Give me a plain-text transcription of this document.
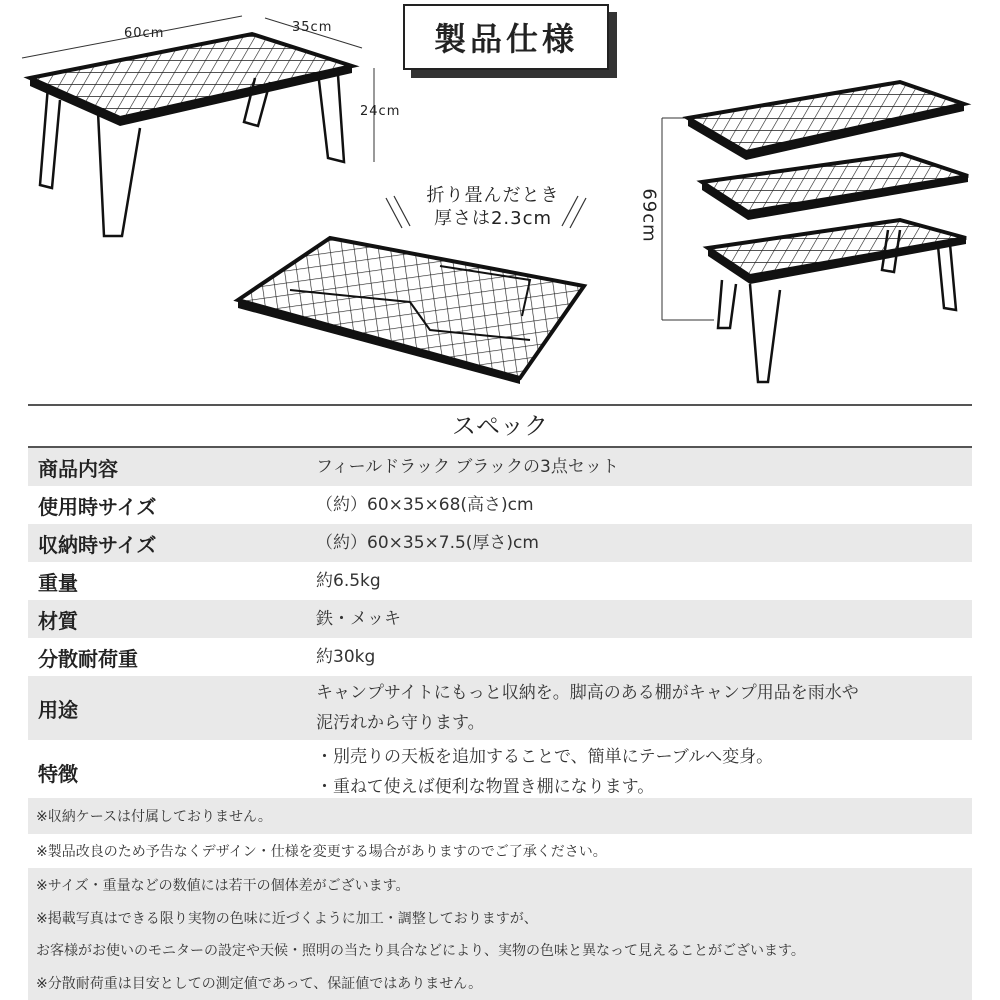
60cm	35cm
24cm
製品仕様
折り畳んだとき
厚さは2.3cm	69cm
スペック
商品内容	フィールドラック ブラックの3点セット
使用時サイズ	（約）60×35×68(高さ)cm
収納時サイズ	（約）60×35×7.5(厚さ)cm
重量	約6.5kg
材質	鉄・メッキ
分散耐荷重	約30kg
用途
キャンプサイトにもっと収納を。脚高のある棚がキャンプ用品を雨水や
泥汚れから守ります。
特徴
・別売りの天板を追加することで、簡単にテーブルへ変身。
・重ねて使えば便利な物置き棚になります。
※収納ケースは付属しておりません。
※製品改良のため予告なくデザイン・仕様を変更する場合がありますのでご了承ください。
※サイズ・重量などの数値には若干の個体差がございます。
※掲載写真はできる限り実物の色味に近づくように加工・調整しておりますが、
お客様がお使いのモニターの設定や天候・照明の当たり具合などにより、実物の色味と異なって見えることがございます。
※分散耐荷重は目安としての測定値であって、保証値ではありません。
